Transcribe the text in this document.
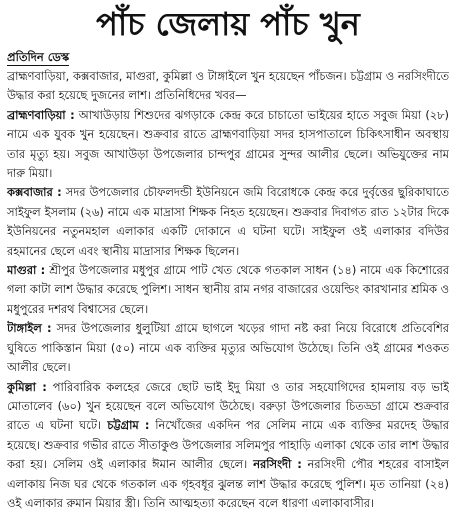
পাঁচ জেলায় পাঁচ খুন
প্রতিদিন ডেস্ক

ব্রাহ্মণবাড়িয়া, কক্সবাজার, মাগুরা, কুমিল্লা ও টাঙ্গাইলে খুন হয়েছেন পাঁচজন। চট্টগ্রাম ও নরসিংদীতে উদ্ধার করা হয়েছে দুজনের লাশ। প্রতিনিধিদের খবর—

ব্রাহ্মণবাড়িয়া : আখাউড়ায় শিশুদের ঝগড়াকে কেন্দ্র করে চাচাতো ভাইয়ের হাতে সবুজ মিয়া (২৮) নামে এক যুবক খুন হয়েছেন। শুক্রবার রাতে ব্রাহ্মণবাড়িয়া সদর হাসপাতালে চিকিৎসাধীন অবস্থায় তার মৃত্যু হয়। সবুজ আখাউড়া উপজেলার চান্দপুর গ্রামের সুন্দর আলীর ছেলে। অভিযুক্তের নাম দারু মিয়া।

কক্সবাজার : সদর উপজেলার চৌফলদন্ডী ইউনিয়নে জমি বিরোধকে কেন্দ্র করে দুর্বৃত্তের ছুরিকাঘাতে সাইফুল ইসলাম (২৬) নামে এক মাদ্রাসা শিক্ষক নিহত হয়েছেন। শুক্রবার দিবাগত রাত ১২টার দিকে ইউনিয়নের নতুনমহাল এলাকার একটি দোকানে এ ঘটনা ঘটে। সাইফুল ওই এলাকার বদিউর রহমানের ছেলে এবং স্থানীয় মাদ্রাসার শিক্ষক ছিলেন।

মাগুরা : শ্রীপুর উপজেলার মধুপুর গ্রামে পাট খেত থেকে গতকাল সাধন (১৪) নামে এক কিশোরের গলা কাটা লাশ উদ্ধার করেছে পুলিশ। সাধন স্থানীয় রাম নগর বাজারের ওয়েল্ডিং কারখানার শ্রমিক ও মধুপুরের দশরথ বিশ্বাসের ছেলে।

টাঙ্গাইল : সদর উপজেলার ধুলুটিয়া গ্রামে ছাগলে খড়ের গাদা নষ্ট করা নিয়ে বিরোধে প্রতিবেশির ঘুষিতে পাকিস্তান মিয়া (৫০) নামে এক ব্যক্তির মৃত্যুর অভিযোগ উঠেছে। তিনি ওই গ্রামের শওকত আলীর ছেলে।

কুমিল্লা : পারিবারিক কলহের জেরে ছোট ভাই ইদু মিয়া ও তার সহযোগিদের হামলায় বড় ভাই মোতালেব (৬০) খুন হয়েছেন বলে অভিযোগ উঠেছে। বরুড়া উপজেলার চিতড্ডা গ্রামে শুক্রবার রাতে এ ঘটনা ঘটে। চট্টগ্রাম : নিখোঁজের একদিন পর সেলিম নামে এক ব্যক্তির মরদেহ উদ্ধার হয়েছে। শুক্রবার গভীর রাতে সীতাকুণ্ড উপজেলার সলিমপুর পাহাড়ি এলাকা থেকে তার লাশ উদ্ধার করা হয়। সেলিম ওই এলাকার ঈমান আলীর ছেলে। নরসিংদী : নরসিংদী পৌর শহরের বাসাইল এলাকায় নিজ ঘর থেকে গতকাল এক গৃহবধূর ঝুলন্ত লাশ উদ্ধার করেছে পুলিশ। মৃত তানিয়া (২৪) ওই এলাকার রুমান মিয়ার স্ত্রী। তিনি আত্মহত্যা করেছেন বলে ধারণা এলাকাবাসীর।
